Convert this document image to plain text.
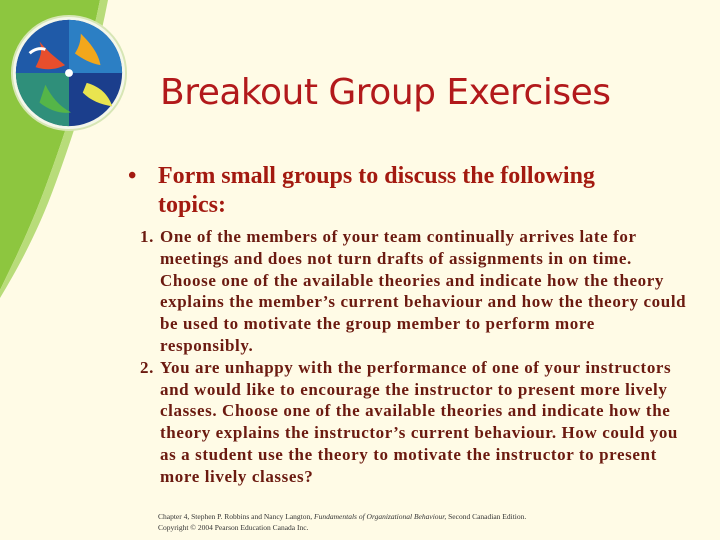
Breakout Group Exercises
• Form small groups to discuss the following topics:
1. One of the members of your team continually arrives late for meetings and does not turn drafts of assignments in on time. Choose one of the available theories and indicate how the theory explains the member’s current behaviour and how the theory could be used to motivate the group member to perform more responsibly.
2. You are unhappy with the performance of one of your instructors and would like to encourage the instructor to present more lively classes. Choose one of the available theories and indicate how the theory explains the instructor’s current behaviour. How could you as a student use the theory to motivate the instructor to present more lively classes?
Chapter 4, Stephen P. Robbins and Nancy Langton, Fundamentals of Organizational Behaviour, Second Canadian Edition.
Copyright © 2004 Pearson Education Canada Inc.
